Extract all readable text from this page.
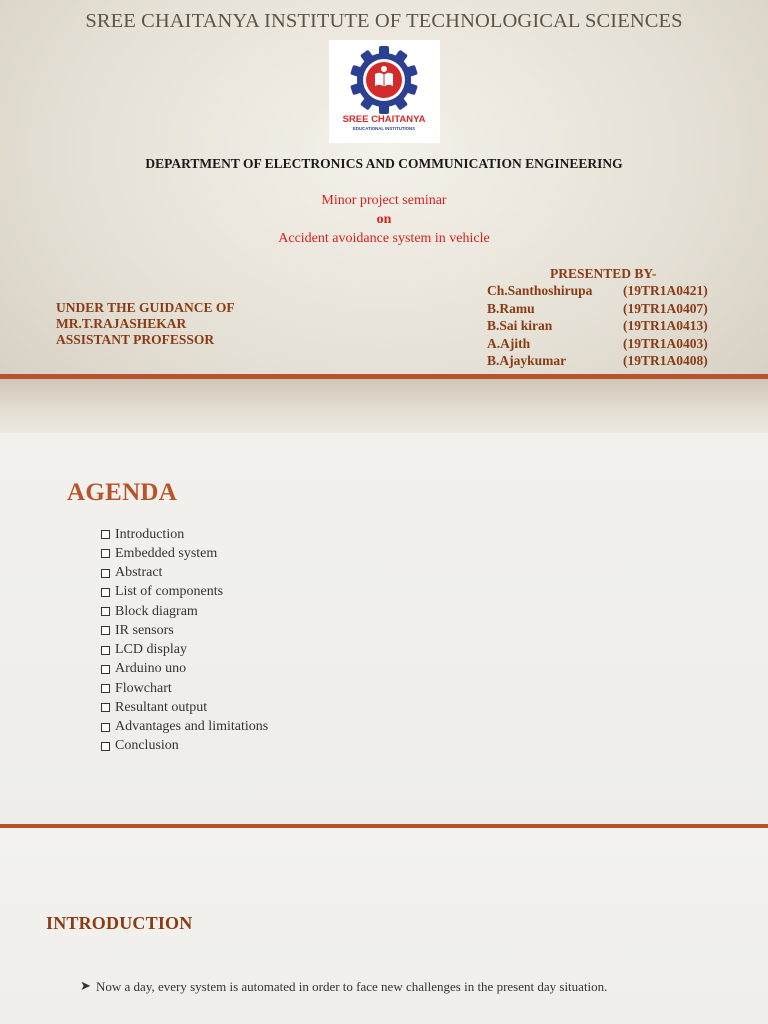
SREE CHAITANYA INSTITUTE OF TECHNOLOGICAL SCIENCES
SREE CHAITANYA
EDUCATIONAL INSTITUTIONS
DEPARTMENT OF ELECTRONICS AND COMMUNICATION ENGINEERING
Minor project seminar
on
Accident avoidance system in vehicle
UNDER THE GUIDANCE OF
MR.T.RAJASHEKAR
ASSISTANT PROFESSOR
PRESENTED BY-
Ch.Santhoshirupa (19TR1A0421)
B.Ramu	(19TR1A0407)
B.Sai kiran	(19TR1A0413)
A.Ajith	(19TR1A0403)
B.Ajaykumar	(19TR1A0408)
AGENDA
Introduction
Embedded system
Abstract
List of components
Block diagram
IR sensors
LCD display
Arduino uno
Flowchart
Resultant output
Advantages and limitations
Conclusion
INTRODUCTION
➤ Now a day, every system is automated in order to face new challenges in the present day situation.
